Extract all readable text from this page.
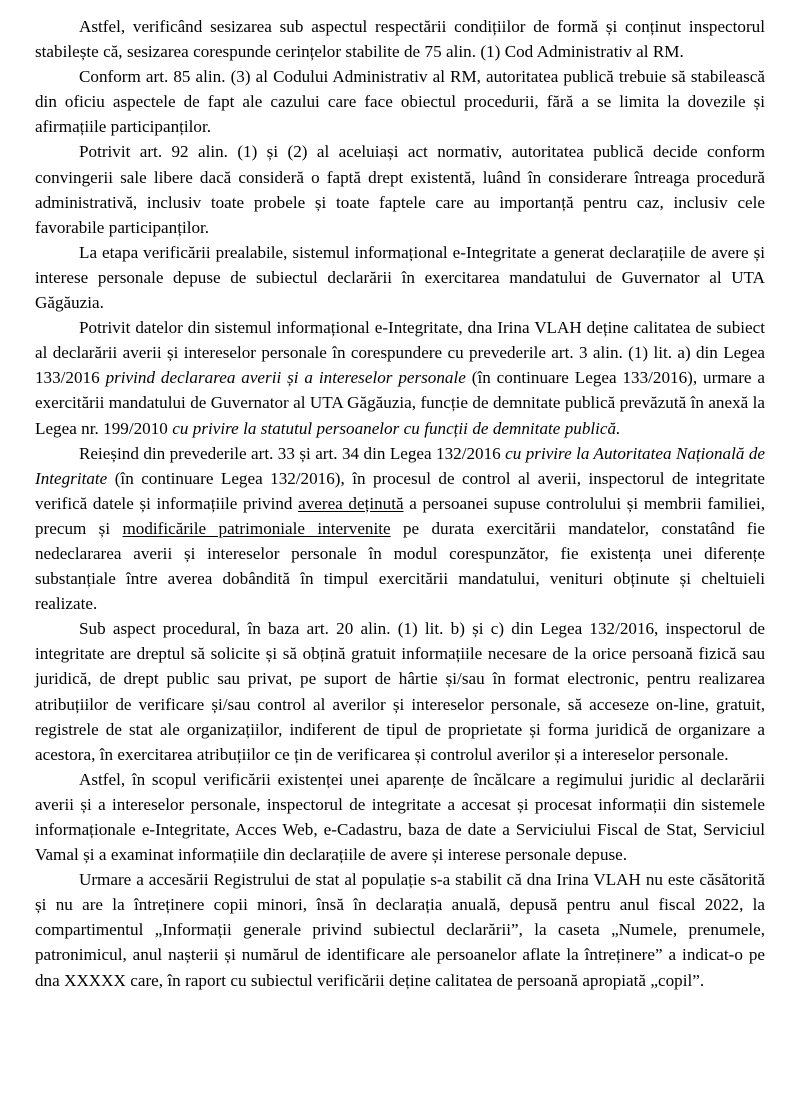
Astfel, verificând sesizarea sub aspectul respectării condițiilor de formă și conținut inspectorul stabilește că, sesizarea corespunde cerințelor stabilite de 75 alin. (1) Cod Administrativ al RM.

Conform art. 85 alin. (3) al Codului Administrativ al RM, autoritatea publică trebuie să stabilească din oficiu aspectele de fapt ale cazului care face obiectul procedurii, fără a se limita la dovezile și afirmațiile participanților.

Potrivit art. 92 alin. (1) și (2) al aceluiași act normativ, autoritatea publică decide conform convingerii sale libere dacă consideră o faptă drept existentă, luând în considerare întreaga procedură administrativă, inclusiv toate probele și toate faptele care au importanță pentru caz, inclusiv cele favorabile participanților.

La etapa verificării prealabile, sistemul informațional e-Integritate a generat declarațiile de avere și interese personale depuse de subiectul declarării în exercitarea mandatului de Guvernator al UTA Găgăuzia.

Potrivit datelor din sistemul informațional e-Integritate, dna Irina VLAH deține calitatea de subiect al declarării averii și intereselor personale în corespundere cu prevederile art. 3 alin. (1) lit. a) din Legea 133/2016 privind declararea averii și a intereselor personale (în continuare Legea 133/2016), urmare a exercitării mandatului de Guvernator al UTA Găgăuzia, funcție de demnitate publică prevăzută în anexă la Legea nr. 199/2010 cu privire la statutul persoanelor cu funcții de demnitate publică.

Reieșind din prevederile art. 33 și art. 34 din Legea 132/2016 cu privire la Autoritatea Națională de Integritate (în continuare Legea 132/2016), în procesul de control al averii, inspectorul de integritate verifică datele și informațiile privind averea deținută a persoanei supuse controlului și membrii familiei, precum și modificările patrimoniale intervenite pe durata exercitării mandatelor, constatând fie nedeclararea averii și intereselor personale în modul corespunzător, fie existența unei diferențe substanțiale între averea dobândită în timpul exercitării mandatului, venituri obținute și cheltuieli realizate.

Sub aspect procedural, în baza art. 20 alin. (1) lit. b) și c) din Legea 132/2016, inspectorul de integritate are dreptul să solicite și să obțină gratuit informațiile necesare de la orice persoană fizică sau juridică, de drept public sau privat, pe suport de hârtie și/sau în format electronic, pentru realizarea atribuțiilor de verificare și/sau control al averilor și intereselor personale, să acceseze on-line, gratuit, registrele de stat ale organizațiilor, indiferent de tipul de proprietate și forma juridică de organizare a acestora, în exercitarea atribuțiilor ce țin de verificarea și controlul averilor și a intereselor personale.

Astfel, în scopul verificării existenței unei aparențe de încălcare a regimului juridic al declarării averii și a intereselor personale, inspectorul de integritate a accesat și procesat informații din sistemele informaționale e-Integritate, Acces Web, e-Cadastru, baza de date a Serviciului Fiscal de Stat, Serviciul Vamal și a examinat informațiile din declarațiile de avere și interese personale depuse.

Urmare a accesării Registrului de stat al populație s-a stabilit că dna Irina VLAH nu este căsătorită și nu are la întreținere copii minori, însă în declarația anuală, depusă pentru anul fiscal 2022, la compartimentul „Informații generale privind subiectul declarării”, la caseta „Numele, prenumele, patronimicul, anul nașterii și numărul de identificare ale persoanelor aflate la întreținere” a indicat-o pe dna XXXXX care, în raport cu subiectul verificării deține calitatea de persoană apropiată „copil”.
